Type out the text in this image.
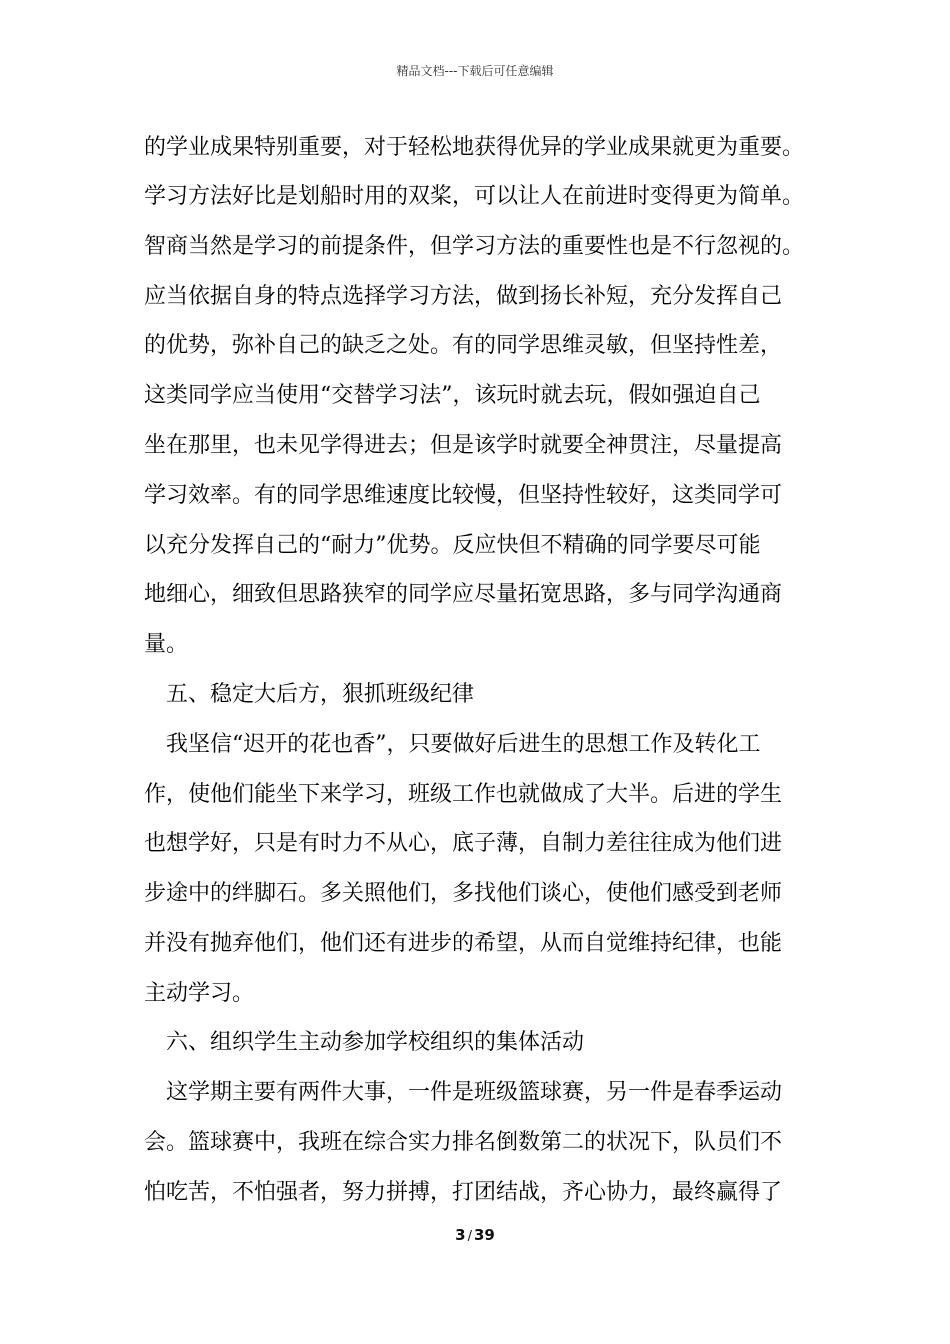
精品文档---下载后可任意编辑
的学业成果特别重要，对于轻松地获得优异的学业成果就更为重要。
学习方法好比是划船时用的双桨，可以让人在前进时变得更为简单。
智商当然是学习的前提条件，但学习方法的重要性也是不行忽视的。
应当依据自身的特点选择学习方法，做到扬长补短，充分发挥自己
的优势，弥补自己的缺乏之处。有的同学思维灵敏，但坚持性差，
这类同学应当使用“交替学习法”，该玩时就去玩，假如强迫自己
坐在那里，也未见学得进去；但是该学时就要全神贯注，尽量提高
学习效率。有的同学思维速度比较慢，但坚持性较好，这类同学可
以充分发挥自己的“耐力”优势。反应快但不精确的同学要尽可能
地细心，细致但思路狭窄的同学应尽量拓宽思路，多与同学沟通商
量。
五、稳定大后方，狠抓班级纪律
我坚信“迟开的花也香”，只要做好后进生的思想工作及转化工
作，使他们能坐下来学习，班级工作也就做成了大半。后进的学生
也想学好，只是有时力不从心，底子薄，自制力差往往成为他们进
步途中的绊脚石。多关照他们，多找他们谈心，使他们感受到老师
并没有抛弃他们，他们还有进步的希望，从而自觉维持纪律，也能
主动学习。
六、组织学生主动参加学校组织的集体活动
这学期主要有两件大事，一件是班级篮球赛，另一件是春季运动
会。篮球赛中，我班在综合实力排名倒数第二的状况下，队员们不
怕吃苦，不怕强者，努力拼搏，打团结战，齐心协力，最终赢得了
3 / 39
